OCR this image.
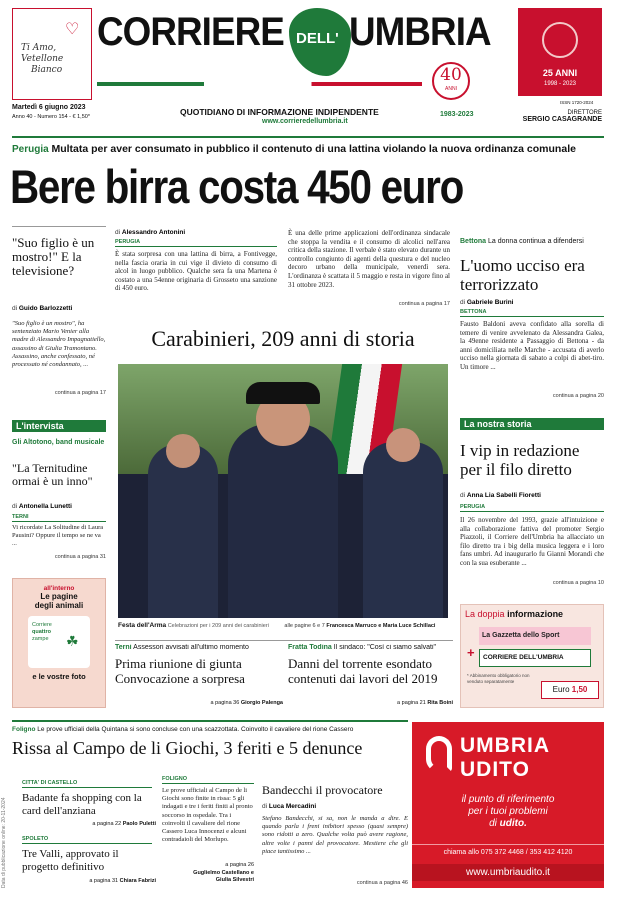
♡
Ti Amo,
Vetellone
Bianco
CORRIERE DELL' UMBRIA
40
ANNI
25 ANNI
1998 - 2023
Martedì 6 giugno 2023
Anno 40 - Numero 154 - € 1,50*	QUOTIDIANO DI INFORMAZIONE INDIPENDENTE
www.corrieredellumbria.it
1983-2023
ISSN 1720-2024
DIRETTORE
SERGIO CASAGRANDE
Perugia Multata per aver consumato in pubblico il contenuto di una lattina violando la nuova ordinanza comunale
Bere birra costa 450 euro
"Suo figlio è un mostro!" E la televisione?
di Guido Barlozzetti
"Suo figlio è un mostro", ha sentenziato Mario Venier alla madre di Alessandro Impagnatiello, assassino di Giulia Tramontano. Assassino, anche confessato, né processato né condannato, ...
continua a pagina 17
L'intervista
Gli Altotono, band musicale
"La Ternitudine ormai è un inno"
di Antonella Lunetti
TERNI
Vi ricordate La Solitudine di Laura Pausini? Oppure il tempo se ne va ...
continua a pagina 31
all'interno
Le pagine
degli animali
Corriere
quattro
zampe ☘
e le vostre foto
di Alessandro Antonini
PERUGIA
È stata sorpresa con una lattina di birra, a Fontivegge, nella fascia oraria in cui vige il divieto di consumo di alcol in luogo pubblico. Qualche sera fa una Martena è costato a una 54enne originaria di Grosseto una sanzione di 450 euro.
È una delle prime applicazioni dell'ordinanza sindacale che stoppa la vendita e il consumo di alcolici nell'area critica della stazione. Il verbale è stato elevato durante un controllo congiunto di agenti della questura e del nucleo decoro urbano della municipale, venerdì sera. L'ordinanza è scattata il 5 maggio e resta in vigore fino al 31 ottobre 2023.
continua a pagina 17
Bettona La donna continua a difendersi
L'uomo ucciso era terrorizzato
di Gabriele Burini
BETTONA
Fausto Baldoni aveva confidato alla sorella di temere di venire avvelenato da Alessandra Galea, la 49enne residente a Passaggio di Bettona - da anni domiciliata nelle Marche - accusata di averlo ucciso nella giornata di sabato a colpi di abet-tiro. Un timore ...
continua a pagina 20
La nostra storia
I vip in redazione per il filo diretto
di Anna Lia Sabelli Fioretti
PERUGIA
Il 26 novembre del 1993, grazie all'intuizione e alla collaborazione fattiva del promoter Sergio Piazzoli, il Corriere dell'Umbria ha allacciato un filo diretto tra i big della musica leggera e i loro fans umbri. Ad inaugurarlo fu Gianni Morandi che con la sua esuberante ...
continua a pagina 10
Carabinieri, 209 anni di storia
Festa dell'Arma Celebrazioni per i 209 anni dei carabinieri	alle pagine 6 e 7 Francesca Marruco e Maria Luce Schillaci
La doppia informazione
La Gazzetta dello Sport
+	CORRIERE DELL'UMBRIA
* Abbinamento obbligatorio non venduto separatamente
Euro 1,50
Terni Assessori avvisati all'ultimo momento
Prima riunione di giunta Convocazione a sorpresa
a pagina 36 Giorgio Palenga
Fratta Todina Il sindaco: "Così ci siamo salvati"
Danni del torrente esondato contenuti dai lavori del 2019
a pagina 21 Rita Boini
Foligno Le prove ufficiali della Quintana si sono concluse con una scazzottata. Coinvolto il cavaliere del rione Cassero
Rissa al Campo de li Giochi, 3 feriti e 5 denunce
CITTA' DI CASTELLO
Badante fa shopping con la card dell'anziana
a pagina 22 Paolo Puletti
SPOLETO
Tre Valli, approvato il progetto definitivo
a pagina 31 Chiara Fabrizi
FOLIGNO
Le prove ufficiali al Campo de li Giochi sono finite in rissa: 5 gli indagati e tre i feriti finiti al pronto soccorso in ospedale. Tra i coinvolti il cavaliere del rione Cassero Luca Innocenzi e alcuni contradaioli del Morlupo.
a pagina 26
Guglielmo Castellano e Giulia Silvestri
Bandecchi il provocatore
di Luca Mercadini
Stefano Bandecchi, si sa, non le manda a dire. E quando parla i freni inibitori spesso (quasi sempre) sono ridotti a zero. Qualche volta può avere ragione, altre volte i panni del provocatore. Mestiere che gli piace tantissimo ...
continua a pagina 46
UMBRIA
UDITO
il punto di riferimento
per i tuoi problemi
di udito.
chiama allo 075 372 4468 / 353 412 4120
www.umbriaudito.it
Data di pubblicazione online: 20-11-2024
